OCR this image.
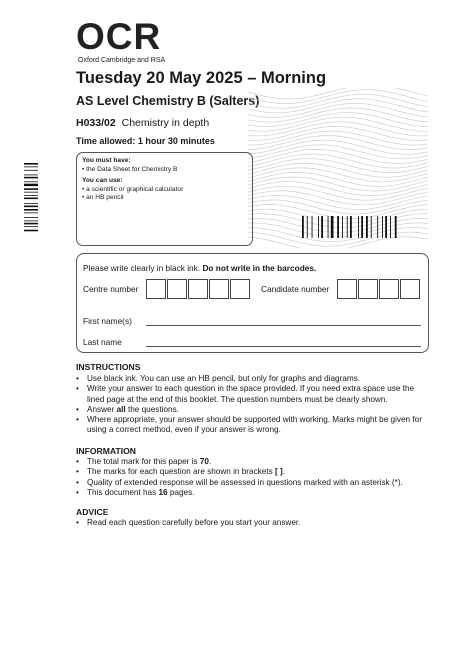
OCR
Oxford Cambridge and RSA
Tuesday 20 May 2025 – Morning
AS Level Chemistry B (Salters)
H033/02 Chemistry in depth
Time allowed: 1 hour 30 minutes
You must have:
• the Data Sheet for Chemistry B
You can use:
• a scientific or graphical calculator
• an HB pencil
Please write clearly in black ink. Do not write in the barcodes.
Centre number	Candidate number
First name(s)
Last name
INSTRUCTIONS
• Use black ink. You can use an HB pencil, but only for graphs and diagrams.
• Write your answer to each question in the space provided. If you need extra space use the lined page at the end of this booklet. The question numbers must be clearly shown.
• Answer all the questions.
• Where appropriate, your answer should be supported with working. Marks might be given for using a correct method, even if your answer is wrong.
INFORMATION
• The total mark for this paper is 70.
• The marks for each question are shown in brackets [ ].
• Quality of extended response will be assessed in questions marked with an asterisk (*).
• This document has 16 pages.
ADVICE
• Read each question carefully before you start your answer.
